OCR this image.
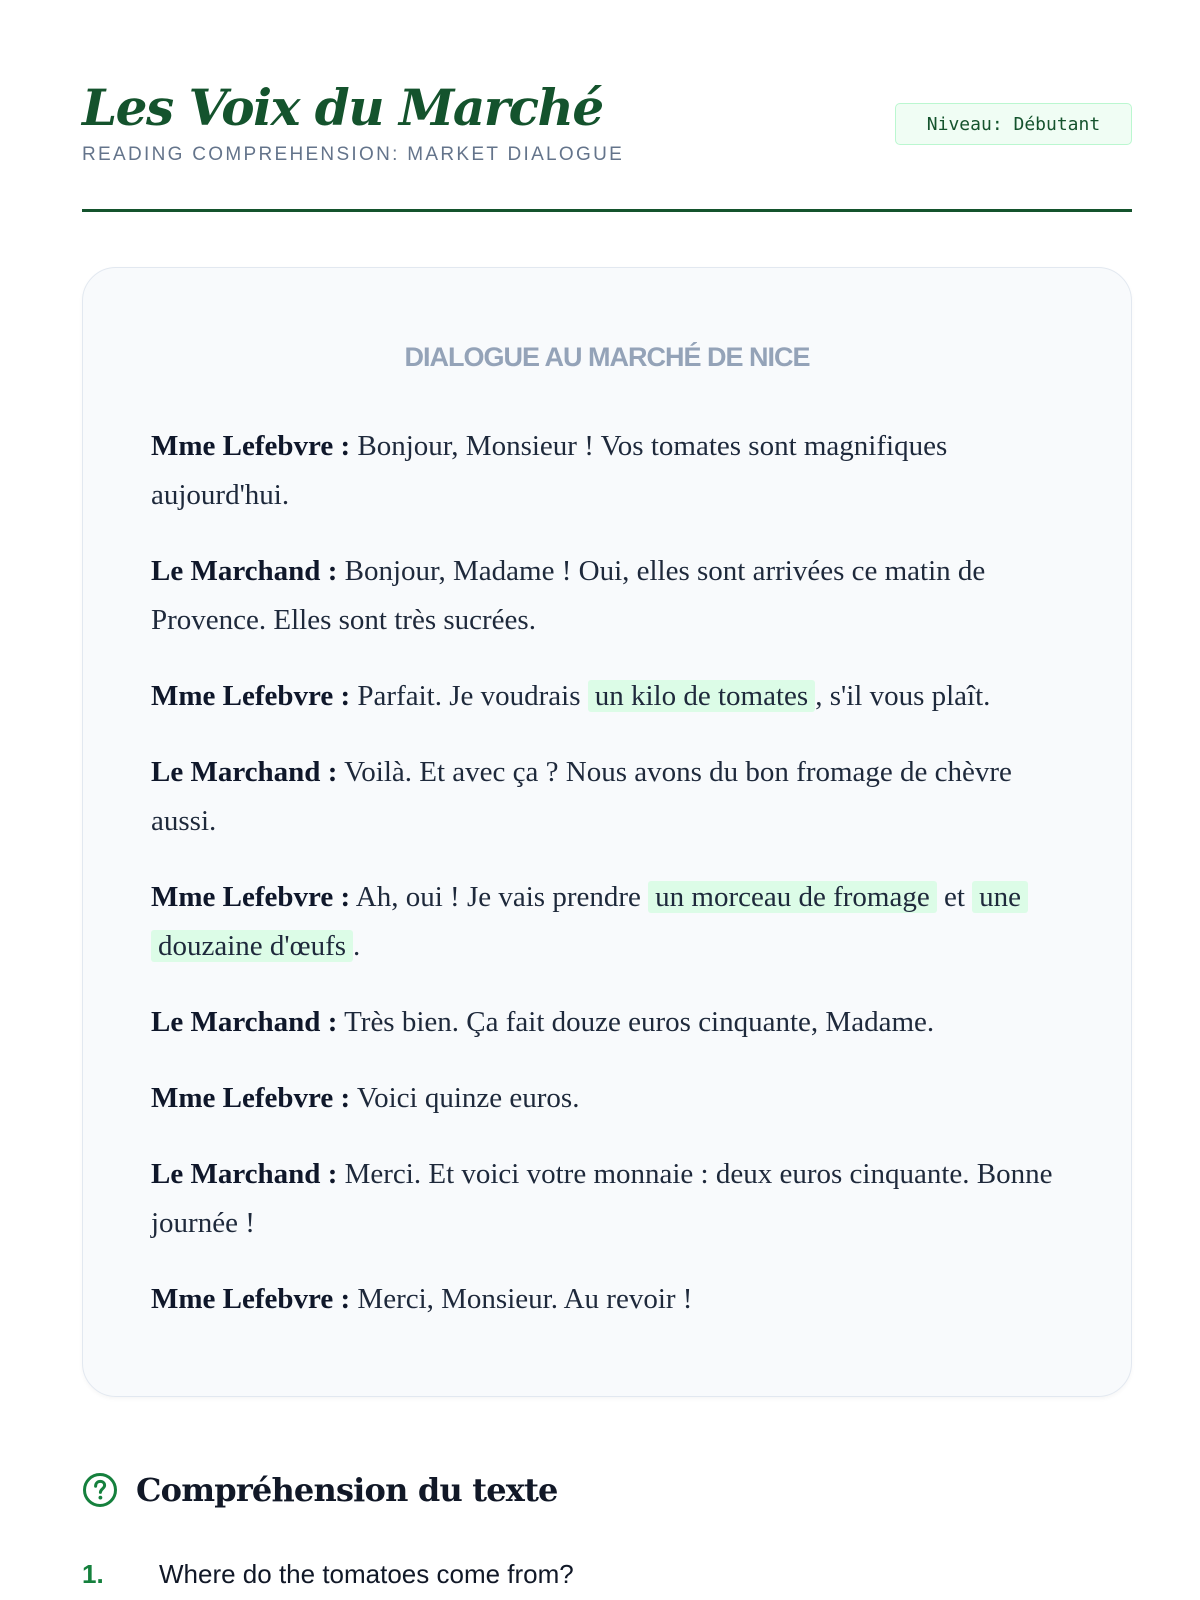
Les Voix du Marché
READING COMPREHENSION: MARKET DIALOGUE
Niveau: Débutant
DIALOGUE AU MARCHÉ DE NICE

Mme Lefebvre : Bonjour, Monsieur ! Vos tomates sont magnifiques aujourd'hui.

Le Marchand : Bonjour, Madame ! Oui, elles sont arrivées ce matin de Provence. Elles sont très sucrées.

Mme Lefebvre : Parfait. Je voudrais un kilo de tomates , s'il vous plaît.

Le Marchand : Voilà. Et avec ça ? Nous avons du bon fromage de chèvre aussi.

Mme Lefebvre : Ah, oui ! Je vais prendre un morceau de fromage et une douzaine d'œufs .

Le Marchand : Très bien. Ça fait douze euros cinquante, Madame.

Mme Lefebvre : Voici quinze euros.

Le Marchand : Merci. Et voici votre monnaie : deux euros cinquante. Bonne journée !

Mme Lefebvre : Merci, Monsieur. Au revoir !

Compréhension du texte
1.	Where do the tomatoes come from?
